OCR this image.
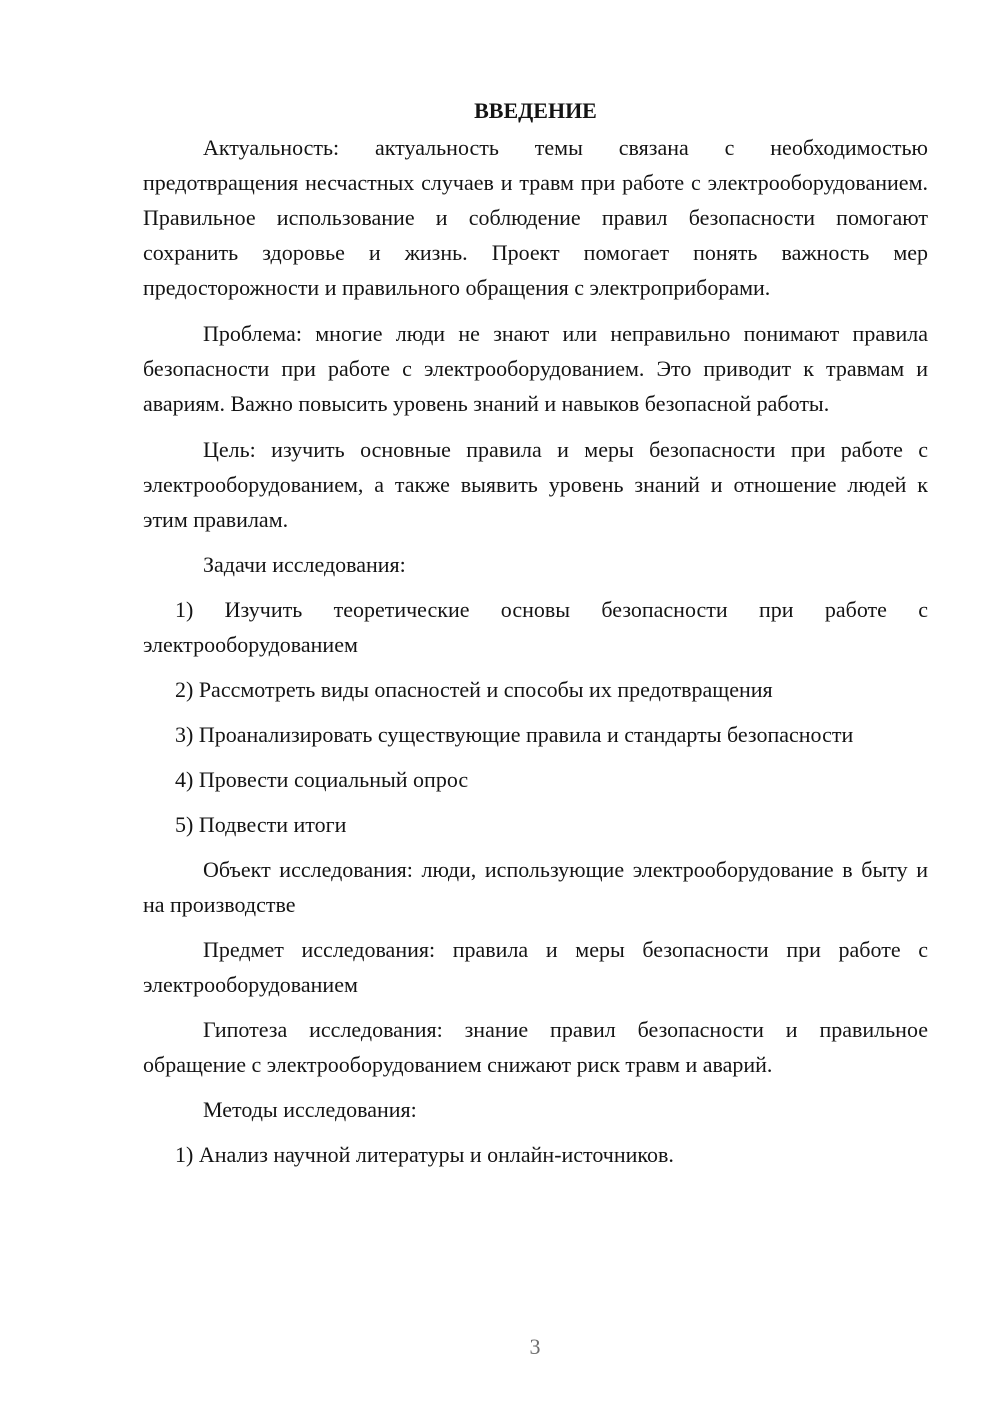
ВВЕДЕНИЕ

Актуальность: актуальность темы связана с необходимостью предотвращения несчастных случаев и травм при работе с электрооборудованием. Правильное использование и соблюдение правил безопасности помогают сохранить здоровье и жизнь. Проект помогает понять важность мер предосторожности и правильного обращения с электроприборами.

Проблема: многие люди не знают или неправильно понимают правила безопасности при работе с электрооборудованием. Это приводит к травмам и авариям. Важно повысить уровень знаний и навыков безопасной работы.

Цель: изучить основные правила и меры безопасности при работе с электрооборудованием, а также выявить уровень знаний и отношение людей к этим правилам.

Задачи исследования:

1) Изучить теоретические основы безопасности при работе с электрооборудованием

2) Рассмотреть виды опасностей и способы их предотвращения

3) Проанализировать существующие правила и стандарты безопасности

4) Провести социальный опрос

5) Подвести итоги

Объект исследования: люди, использующие электрооборудование в быту и на производстве

Предмет исследования: правила и меры безопасности при работе с электрооборудованием

Гипотеза исследования: знание правил безопасности и правильное обращение с электрооборудованием снижают риск травм и аварий.

Методы исследования:

1) Анализ научной литературы и онлайн-источников.

3
